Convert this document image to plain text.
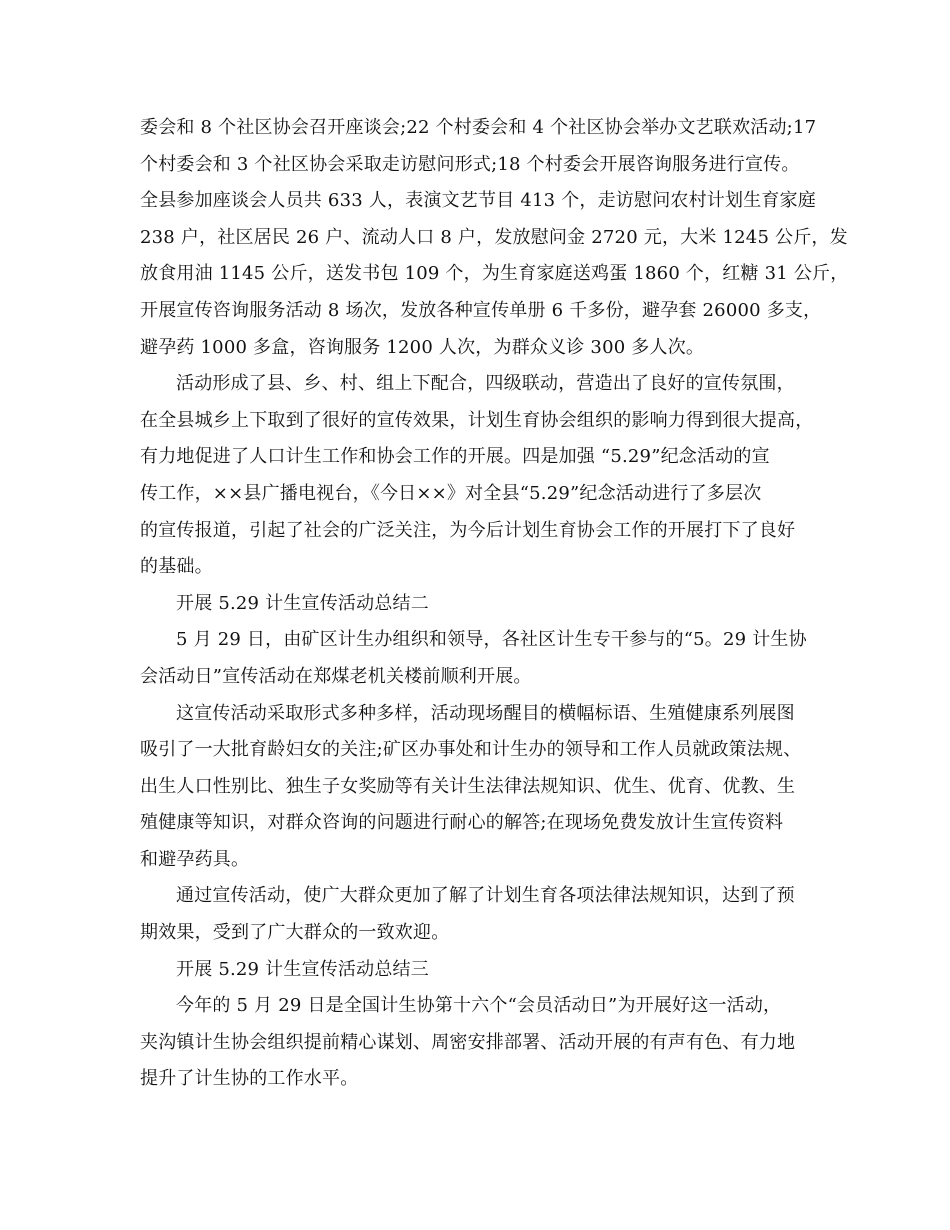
委会和 8 个社区协会召开座谈会;22 个村委会和 4 个社区协会举办文艺联欢活动;17
个村委会和 3 个社区协会采取走访慰问形式;18 个村委会开展咨询服务进行宣传。
全县参加座谈会人员共 633 人，表演文艺节目 413 个，走访慰问农村计划生育家庭
238 户，社区居民 26 户、流动人口 8 户，发放慰问金 2720 元，大米 1245 公斤，发
放食用油 1145 公斤，送发书包 109 个，为生育家庭送鸡蛋 1860 个，红糖 31 公斤，
开展宣传咨询服务活动 8 场次，发放各种宣传单册 6 千多份，避孕套 26000 多支，
避孕药 1000 多盒，咨询服务 1200 人次，为群众义诊 300 多人次。
活动形成了县、乡、村、组上下配合，四级联动，营造出了良好的宣传氛围，
在全县城乡上下取到了很好的宣传效果，计划生育协会组织的影响力得到很大提高，
有力地促进了人口计生工作和协会工作的开展。四是加强 “5.29”纪念活动的宣
传工作，××县广播电视台，《今日××》对全县“5.29”纪念活动进行了多层次
的宣传报道，引起了社会的广泛关注，为今后计划生育协会工作的开展打下了良好
的基础。
开展 5.29 计生宣传活动总结二
5 月 29 日，由矿区计生办组织和领导，各社区计生专干参与的“5。29 计生协
会活动日”宣传活动在郑煤老机关楼前顺利开展。
这宣传活动采取形式多种多样，活动现场醒目的横幅标语、生殖健康系列展图
吸引了一大批育龄妇女的关注;矿区办事处和计生办的领导和工作人员就政策法规、
出生人口性别比、独生子女奖励等有关计生法律法规知识、优生、优育、优教、生
殖健康等知识，对群众咨询的问题进行耐心的解答;在现场免费发放计生宣传资料
和避孕药具。
通过宣传活动，使广大群众更加了解了计划生育各项法律法规知识，达到了预
期效果，受到了广大群众的一致欢迎。
开展 5.29 计生宣传活动总结三
今年的 5 月 29 日是全国计生协第十六个“会员活动日”为开展好这一活动，
夹沟镇计生协会组织提前精心谋划、周密安排部署、活动开展的有声有色、有力地
提升了计生协的工作水平。
